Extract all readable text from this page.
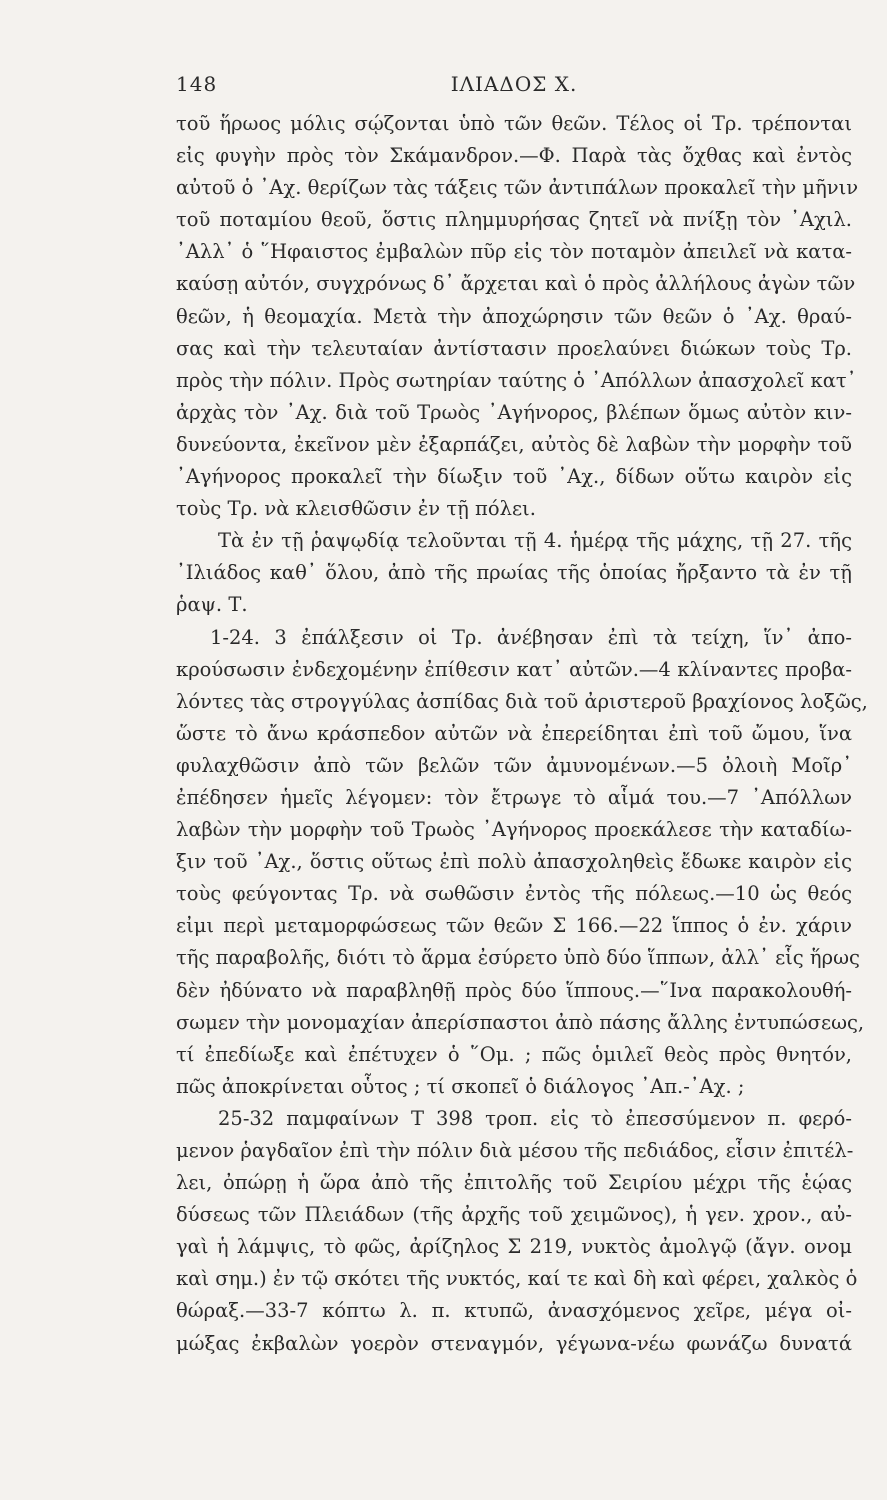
148	ΙΛΙΑΔΟΣ Χ.
τοῦ ἥρωος μόλις σῴζονται ὑπὸ τῶν θεῶν. Τέλος οἱ Τρ. τρέπονται
εἰς φυγὴν πρὸς τὸν Σκάμανδρον.—Φ. Παρὰ τὰς ὄχθας καὶ ἐντὸς
αὐτοῦ ὁ ᾿Αχ. θερίζων τὰς τάξεις τῶν ἀντιπάλων προκαλεῖ τὴν μῆνιν
τοῦ ποταμίου θεοῦ, ὅστις πλημμυρήσας ζητεῖ νὰ πνίξῃ τὸν ᾿Αχιλ.
᾿Αλλ᾿ ὁ ῞Ηφαιστος ἐμβαλὼν πῦρ εἰς τὸν ποταμὸν ἀπειλεῖ νὰ κατα-
καύσῃ αὐτόν, συγχρόνως δ᾿ ἄρχεται καὶ ὁ πρὸς ἀλλήλους ἀγὼν τῶν
θεῶν, ἡ θεομαχία. Μετὰ τὴν ἀποχώρησιν τῶν θεῶν ὁ ᾿Αχ. θραύ-
σας καὶ τὴν τελευταίαν ἀντίστασιν προελαύνει διώκων τοὺς Τρ.
πρὸς τὴν πόλιν. Πρὸς σωτηρίαν ταύτης ὁ ᾿Απόλλων ἀπασχολεῖ κατ᾿
ἀρχὰς τὸν ᾿Αχ. διὰ τοῦ Τρωὸς ᾿Αγήνορος, βλέπων ὅμως αὐτὸν κιν-
δυνεύοντα, ἐκεῖνον μὲν ἐξαρπάζει, αὐτὸς δὲ λαβὼν τὴν μορφὴν τοῦ
᾿Αγήνορος προκαλεῖ τὴν δίωξιν τοῦ ᾿Αχ., δίδων οὕτω καιρὸν εἰς
τοὺς Τρ. νὰ κλεισθῶσιν ἐν τῇ πόλει.
Τὰ ἐν τῇ ῥαψῳδίᾳ τελοῦνται τῇ 4. ἡμέρᾳ τῆς μάχης, τῇ 27. τῆς
᾿Ιλιάδος καθ᾿ ὅλου, ἀπὸ τῆς πρωίας τῆς ὁποίας ἤρξαντο τὰ ἐν τῇ
ῥαψ. Τ.
1-24. 3 ἐπάλξεσιν οἱ Τρ. ἀνέβησαν ἐπὶ τὰ τείχη, ἵν᾿ ἀπο-
κρούσωσιν ἐνδεχομένην ἐπίθεσιν κατ᾿ αὐτῶν.—4 κλίναντες προβα-
λόντες τὰς στρογγύλας ἀσπίδας διὰ τοῦ ἀριστεροῦ βραχίονος λοξῶς,
ὥστε τὸ ἄνω κράσπεδον αὐτῶν νὰ ἐπερείδηται ἐπὶ τοῦ ὤμου, ἵνα
φυλαχθῶσιν ἀπὸ τῶν βελῶν τῶν ἀμυνομένων.—5 ὀλοιὴ Μοῖρ᾿
ἐπέδησεν ἡμεῖς λέγομεν: τὸν ἔτρωγε τὸ αἷμά του.—7 ᾿Απόλλων
λαβὼν τὴν μορφὴν τοῦ Τρωὸς ᾿Αγήνορος προεκάλεσε τὴν καταδίω-
ξιν τοῦ ᾿Αχ., ὅστις οὕτως ἐπὶ πολὺ ἀπασχοληθεὶς ἔδωκε καιρὸν εἰς
τοὺς φεύγοντας Τρ. νὰ σωθῶσιν ἐντὸς τῆς πόλεως.—10 ὡς θεός
εἰμι περὶ μεταμορφώσεως τῶν θεῶν Σ 166.—22 ἵππος ὁ ἐν. χάριν
τῆς παραβολῆς, διότι τὸ ἅρμα ἐσύρετο ὑπὸ δύο ἵππων, ἀλλ᾿ εἷς ἥρως
δὲν ἠδύνατο νὰ παραβληθῇ πρὸς δύο ἵππους.—῞Ινα παρακολουθή-
σωμεν τὴν μονομαχίαν ἀπερίσπαστοι ἀπὸ πάσης ἄλλης ἐντυπώσεως,
τί ἐπεδίωξε καὶ ἐπέτυχεν ὁ ῞Ομ. ; πῶς ὁμιλεῖ θεὸς πρὸς θνητόν,
πῶς ἀποκρίνεται οὗτος ; τί σκοπεῖ ὁ διάλογος ᾿Απ.-᾿Αχ. ;
25-32 παμφαίνων Τ 398 τροπ. εἰς τὸ ἐπεσσύμενον π. φερό-
μενον ῥαγδαῖον ἐπὶ τὴν πόλιν διὰ μέσου τῆς πεδιάδος, εἶσιν ἐπιτέλ-
λει, ὀπώρῃ ἡ ὥρα ἀπὸ τῆς ἐπιτολῆς τοῦ Σειρίου μέχρι τῆς ἑῴας
δύσεως τῶν Πλειάδων (τῆς ἀρχῆς τοῦ χειμῶνος), ἡ γεν. χρον., αὐ-
γαὶ ἡ λάμψις, τὸ φῶς, ἀρίζηλος Σ 219, νυκτὸς ἀμολγῷ (ἄγν. ονομ
καὶ σημ.) ἐν τῷ σκότει τῆς νυκτός, καί τε καὶ δὴ καὶ φέρει, χαλκὸς ὁ
θώραξ.—33-7 κόπτω λ. π. κτυπῶ, ἀνασχόμενος χεῖρε, μέγα οἰ-
μώξας ἐκβαλὼν γοερὸν στεναγμόν, γέγωνα-νέω φωνάζω δυνατά
